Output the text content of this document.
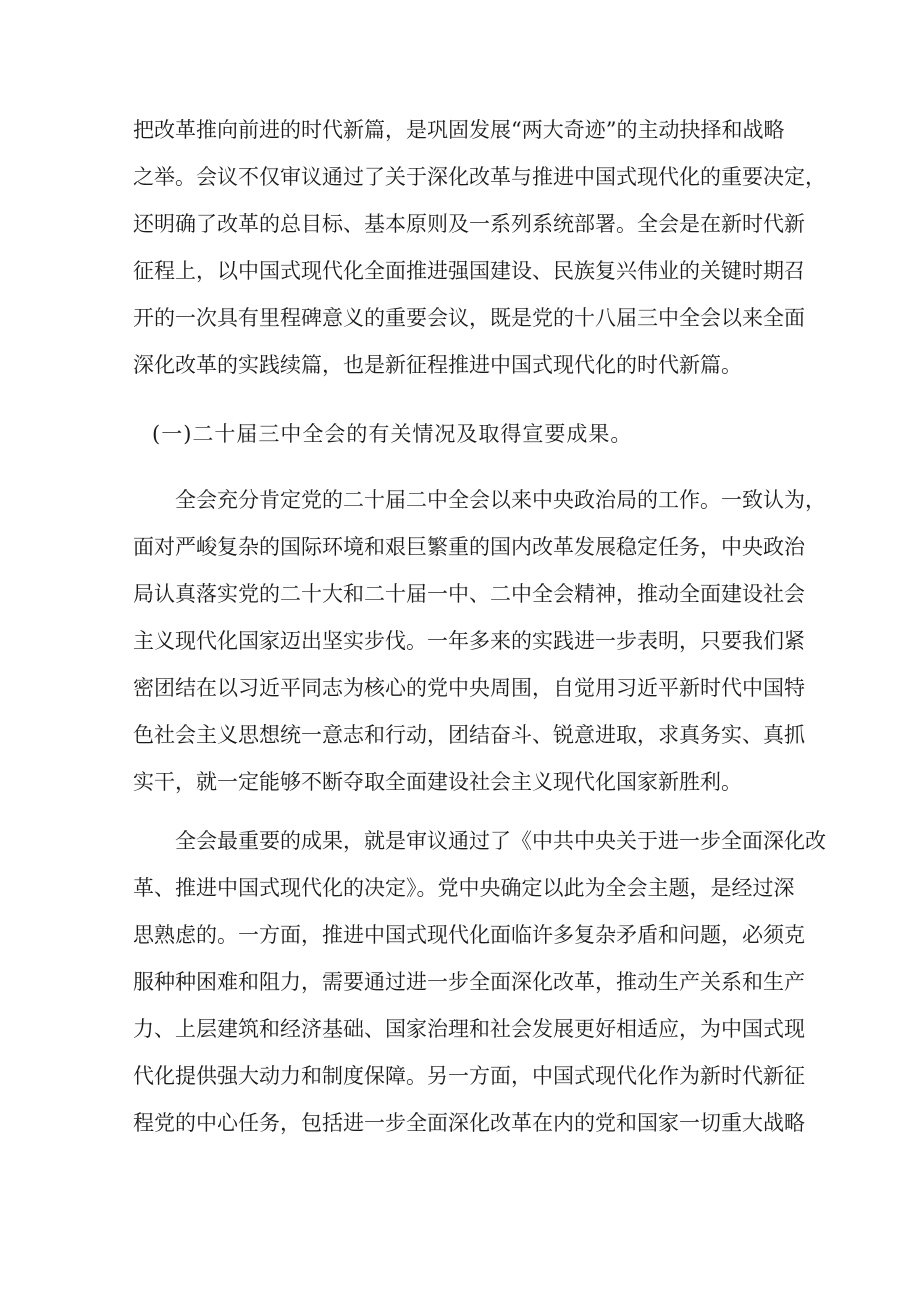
把改革推向前进的时代新篇，是巩固发展“两大奇迹”的主动抉择和战略
之举。会议不仅审议通过了关于深化改革与推进中国式现代化的重要决定，
还明确了改革的总目标、基本原则及一系列系统部署。全会是在新时代新
征程上，以中国式现代化全面推进强国建设、民族复兴伟业的关键时期召
开的一次具有里程碑意义的重要会议，既是党的十八届三中全会以来全面
深化改革的实践续篇，也是新征程推进中国式现代化的时代新篇。
(一)二十届三中全会的有关情况及取得宣要成果。
全会充分肯定党的二十届二中全会以来中央政治局的工作。一致认为，
面对严峻复杂的国际环境和艰巨繁重的国内改革发展稳定任务，中央政治
局认真落实党的二十大和二十届一中、二中全会精神，推动全面建设社会
主义现代化国家迈出坚实步伐。一年多来的实践进一步表明，只要我们紧
密团结在以习近平同志为核心的党中央周围，自觉用习近平新时代中国特
色社会主义思想统一意志和行动，团结奋斗、锐意进取，求真务实、真抓
实干，就一定能够不断夺取全面建设社会主义现代化国家新胜利。
全会最重要的成果，就是审议通过了《中共中央关于进一步全面深化改
革、推进中国式现代化的决定》。党中央确定以此为全会主题，是经过深
思熟虑的。一方面，推进中国式现代化面临许多复杂矛盾和问题，必须克
服种种困难和阻力，需要通过进一步全面深化改革，推动生产关系和生产
力、上层建筑和经济基础、国家治理和社会发展更好相适应，为中国式现
代化提供强大动力和制度保障。另一方面，中国式现代化作为新时代新征
程党的中心任务，包括进一步全面深化改革在内的党和国家一切重大战略
